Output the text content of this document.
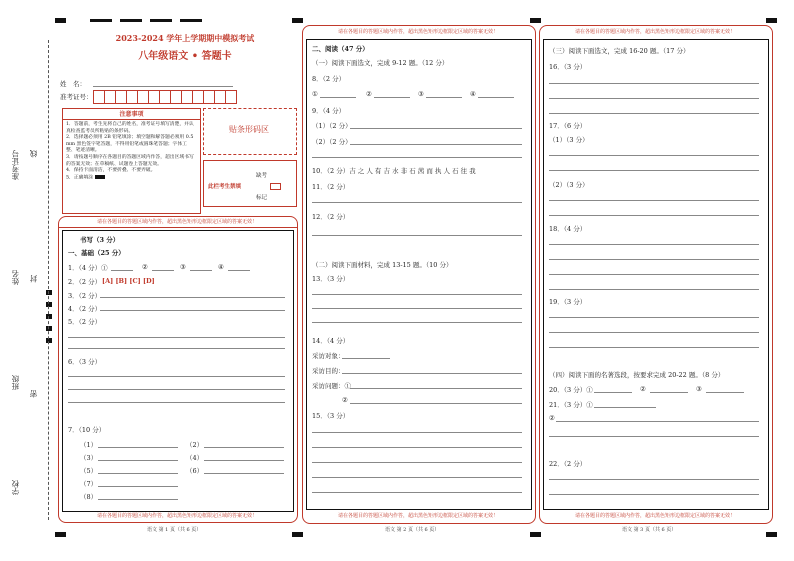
准考证号 线
姓名 封
班级
密
学校
2023-2024 学年上学期期中模拟考试
八年级语文 • 答题卡
姓　名：
准考证号：
注意事项
1．答题前，考生先将自己的姓名，准考证号填写清楚，并认真检查监考员所粘贴的条形码。
2．选择题必须用 2B 铅笔填涂；填空题和解答题必须用 0.5 mm 黑色签字笔答题，不得用铅笔或圆珠笔答题；字体工整、笔迹清晰。
3．请按题号顺序在各题目的答题区域内作答，超出区域书写的答案无效；在草稿纸、试题卷上答题无效。
4．保持卡面清洁，不要折叠、不要弄破。
5．正确填涂
贴条形码区
此栏考生禁填
缺考
标记
请在各题目的答题区域内作答，超出黑色矩形边框限定区域的答案无效！
书写（3 分）
一、基础（25 分）
1．（4 分）①	②	③	④
2．（2 分） [A] [B] [C] [D]
3．（2 分）
4．（2 分）
5．（2 分）
6．（3 分）
7．（10 分）
（1）	（2）
（3）	（4）
（5）	（6）
（7）
（8）
请在各题目的答题区域内作答，超出黑色矩形边框限定区域的答案无效！
语文 第 1 页（共 6 页）
请在各题目的答题区域内作答，超出黑色矩形边框限定区域的答案无效！
二、阅读（47 分）
（一）阅读下面选文，完成 9-12 题。（12 分）
8．（2 分）
①	②	③	④
9．（4 分）
（1）（2 分）
（2）（2 分）
10．（2 分）吉 之 人 有 吉 水 非 石 茜 而 执 人 石 往 我
11．（2 分）
12．（2 分）
（二）阅读下面材料，完成 13-15 题。（10 分）
13．（3 分）
14．（4 分）
采访对象：
采访目的：
采访问题：①
②
15．（3 分）
请在各题目的答题区域内作答，超出黑色矩形边框限定区域的答案无效！
语文 第 2 页（共 6 页）
请在各题目的答题区域内作答，超出黑色矩形边框限定区域的答案无效！
（三）阅读下面选文，完成 16-20 题。（17 分）
16．（3 分）
17．（6 分）
（1）（3 分）
（2）（3 分）
18．（4 分）
19．（3 分）
（四）阅读下面的名著选段，按要求完成 20-22 题。（8 分）
20．（3 分）①	②	③
21．（3 分）①
②
22．（2 分）
请在各题目的答题区域内作答，超出黑色矩形边框限定区域的答案无效！
语文 第 3 页（共 6 页）
